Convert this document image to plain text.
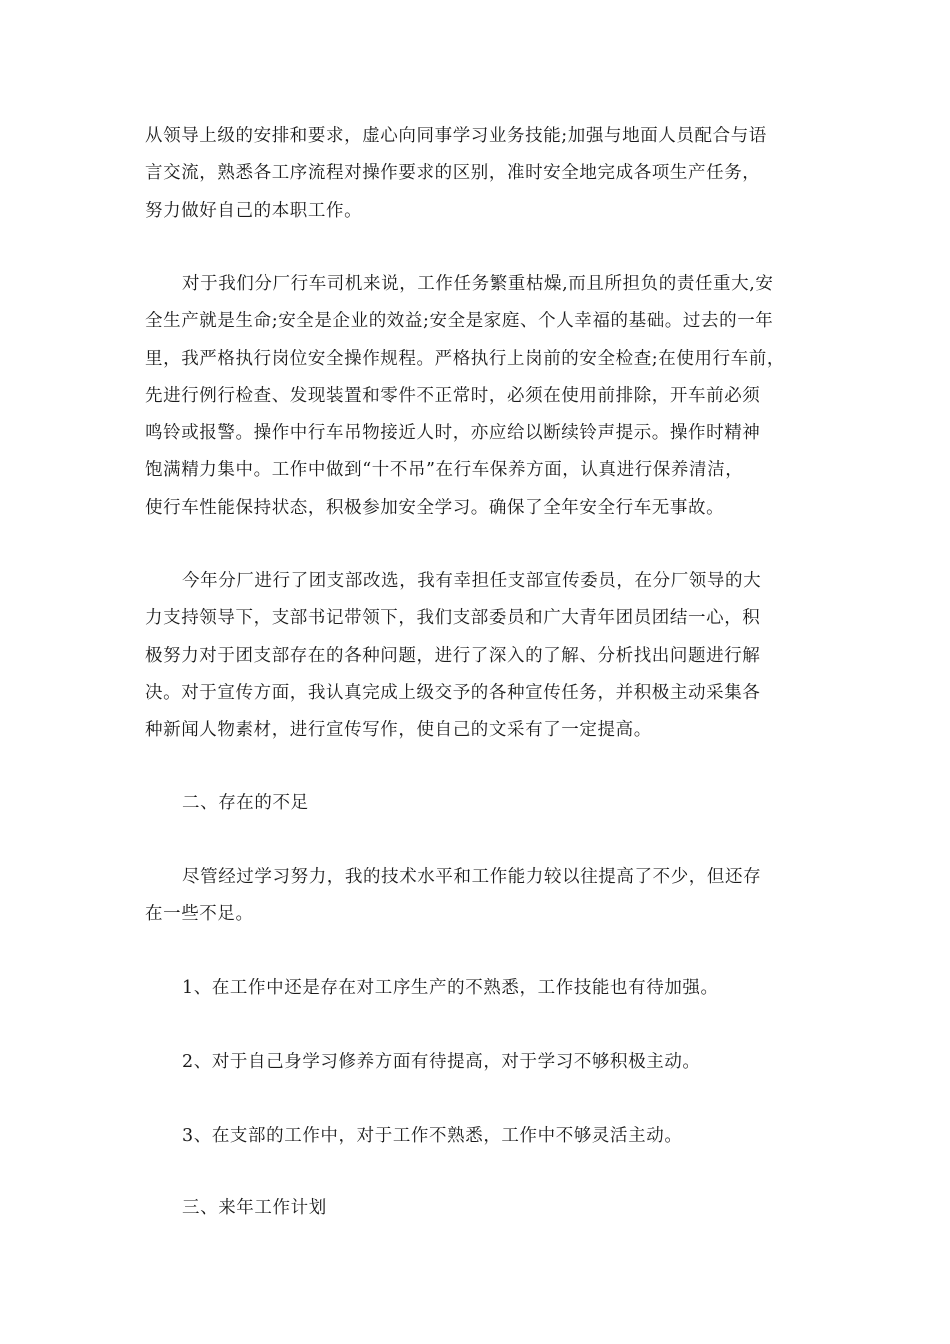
从领导上级的安排和要求，虚心向同事学习业务技能;加强与地面人员配合与语
言交流，熟悉各工序流程对操作要求的区别，准时安全地完成各项生产任务，
努力做好自己的本职工作。

对于我们分厂行车司机来说，工作任务繁重枯燥,而且所担负的责任重大,安
全生产就是生命;安全是企业的效益;安全是家庭、个人幸福的基础。过去的一年
里，我严格执行岗位安全操作规程。严格执行上岗前的安全检查;在使用行车前，
先进行例行检查、发现装置和零件不正常时，必须在使用前排除，开车前必须
鸣铃或报警。操作中行车吊物接近人时，亦应给以断续铃声提示。操作时精神
饱满精力集中。工作中做到“十不吊”在行车保养方面，认真进行保养清洁，
使行车性能保持状态，积极参加安全学习。确保了全年安全行车无事故。

今年分厂进行了团支部改选，我有幸担任支部宣传委员，在分厂领导的大
力支持领导下，支部书记带领下，我们支部委员和广大青年团员团结一心，积
极努力对于团支部存在的各种问题，进行了深入的了解、分析找出问题进行解
决。对于宣传方面，我认真完成上级交予的各种宣传任务，并积极主动采集各
种新闻人物素材，进行宣传写作，使自己的文采有了一定提高。

二、存在的不足

尽管经过学习努力，我的技术水平和工作能力较以往提高了不少，但还存
在一些不足。

1、在工作中还是存在对工序生产的不熟悉，工作技能也有待加强。

2、对于自己身学习修养方面有待提高，对于学习不够积极主动。

3、在支部的工作中，对于工作不熟悉，工作中不够灵活主动。

三、来年工作计划
